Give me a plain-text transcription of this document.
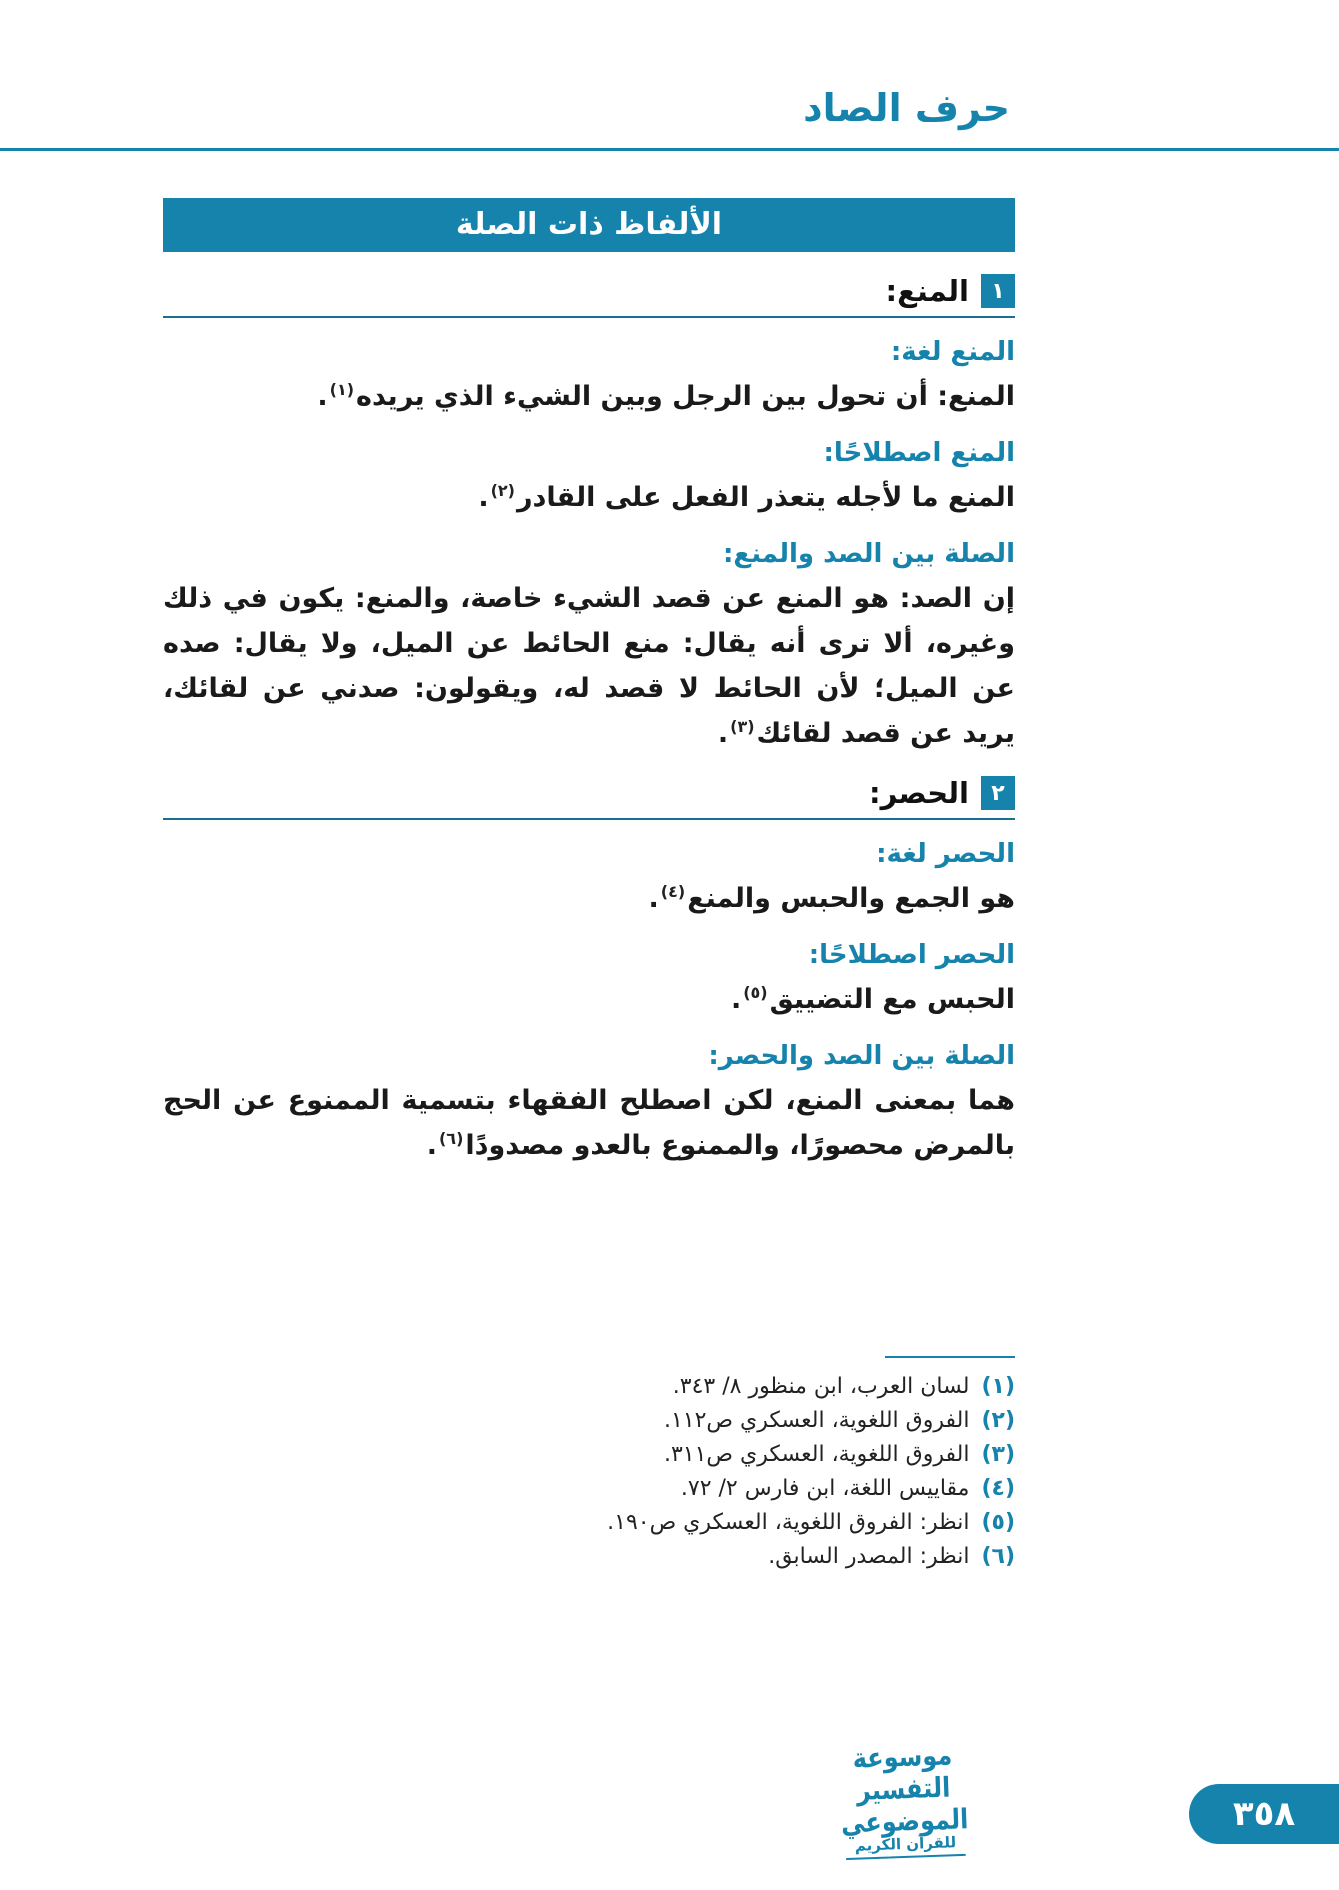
حرف الصاد
الألفاظ ذات الصلة
١
المنع:
المنع لغة:

المنع: أن تحول بين الرجل وبين الشيء الذي يريده$^{(١)}$.

المنع اصطلاحًا:

المنع ما لأجله يتعذر الفعل على القادر$^{(٢)}$.

الصلة بين الصد والمنع:

إن الصد: هو المنع عن قصد الشيء خاصة، والمنع: يكون في ذلك وغيره، ألا ترى أنه يقال: منع الحائط عن الميل، ولا يقال: صده عن الميل؛ لأن الحائط لا قصد له، ويقولون: صدني عن لقائك، يريد عن قصد لقائك$^{(٣)}$.

٢
الحصر:
الحصر لغة:

هو الجمع والحبس والمنع$^{(٤)}$.

الحصر اصطلاحًا:

الحبس مع التضييق$^{(٥)}$.

الصلة بين الصد والحصر:

هما بمعنى المنع، لكن اصطلح الفقهاء بتسمية الممنوع عن الحج بالمرض محصورًا، والممنوع بالعدو مصدودًا$^{(٦)}$.

(١)
لسان العرب، ابن منظور ٨/ ٣٤٣.
(٢)
الفروق اللغوية، العسكري ص١١٢.
(٣)
الفروق اللغوية، العسكري ص٣١١.
(٤)
مقاييس اللغة، ابن فارس ٢/ ٧٢.
(٥)
انظر: الفروق اللغوية، العسكري ص١٩٠.
(٦)
انظر: المصدر السابق.
موسوعة التفسير الموضوعي
للقرآن الكريم
٣٥٨
